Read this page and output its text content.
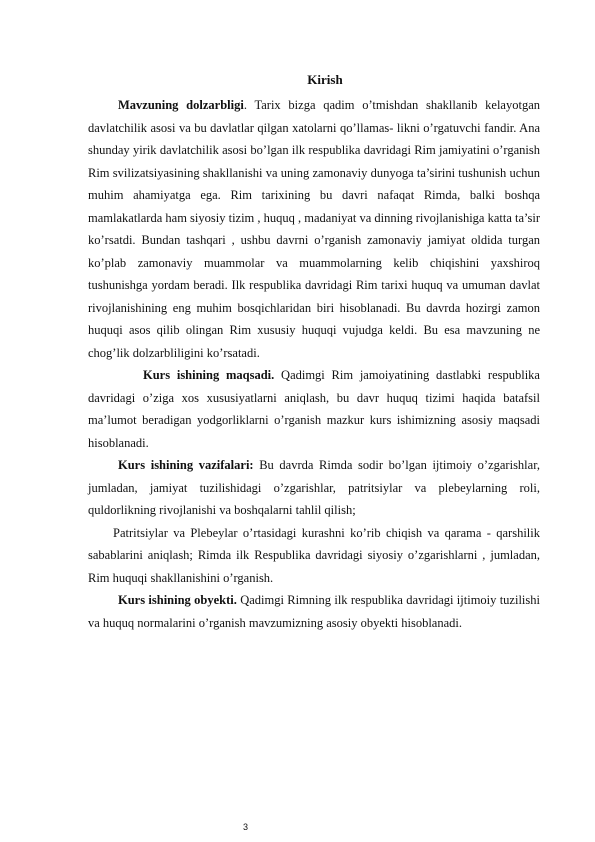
Kirish

Mavzuning dolzarbligi. Tarix bizga qadim o’tmishdan shakllanib kelayotgan davlatchilik asosi va bu davlatlar qilgan xatolarni qo’llamas- likni o’rgatuvchi fandir. Ana shunday yirik davlatchilik asosi bo’lgan ilk respublika davridagi Rim jamiyatini o’rganish Rim svilizatsiyasining shakllanishi va uning zamonaviy dunyoga ta’sirini tushunish uchun muhim ahamiyatga ega. Rim tarixining bu davri nafaqat Rimda, balki boshqa mamlakatlarda ham siyosiy tizim , huquq , madaniyat va dinning rivojlanishiga katta ta’sir ko’rsatdi. Bundan tashqari , ushbu davrni o’rganish zamonaviy jamiyat oldida turgan ko’plab zamonaviy muammolar va muammolarning kelib chiqishini yaxshiroq tushunishga yordam beradi. Ilk respublika davridagi Rim tarixi huquq va umuman davlat rivojlanishining eng muhim bosqichlaridan biri hisoblanadi. Bu davrda hozirgi zamon huquqi asos qilib olingan Rim xususiy huquqi vujudga keldi. Bu esa mavzuning ne chog’lik dolzarbliligini ko’rsatadi.

Kurs ishining maqsadi. Qadimgi Rim jamoiyatining dastlabki respublika davridagi o’ziga xos xususiyatlarni aniqlash, bu davr huquq tizimi haqida batafsil ma’lumot beradigan yodgorliklarni o’rganish mazkur kurs ishimizning asosiy maqsadi hisoblanadi.

Kurs ishining vazifalari: Bu davrda Rimda sodir bo’lgan ijtimoiy o’zgarishlar, jumladan, jamiyat tuzilishidagi o’zgarishlar, patritsiylar va plebeylarning roli, quldorlikning rivojlanishi va boshqalarni tahlil qilish;

Patritsiylar va Plebeylar o’rtasidagi kurashni ko’rib chiqish va qarama - qarshilik sabablarini aniqlash; Rimda ilk Respublika davridagi siyosiy o’zgarishlarni , jumladan, Rim huquqi shakllanishini o’rganish.

Kurs ishining obyekti. Qadimgi Rimning ilk respublika davridagi ijtimoiy tuzilishi va huquq normalarini o’rganish mavzumizning asosiy obyekti hisoblanadi.

3
